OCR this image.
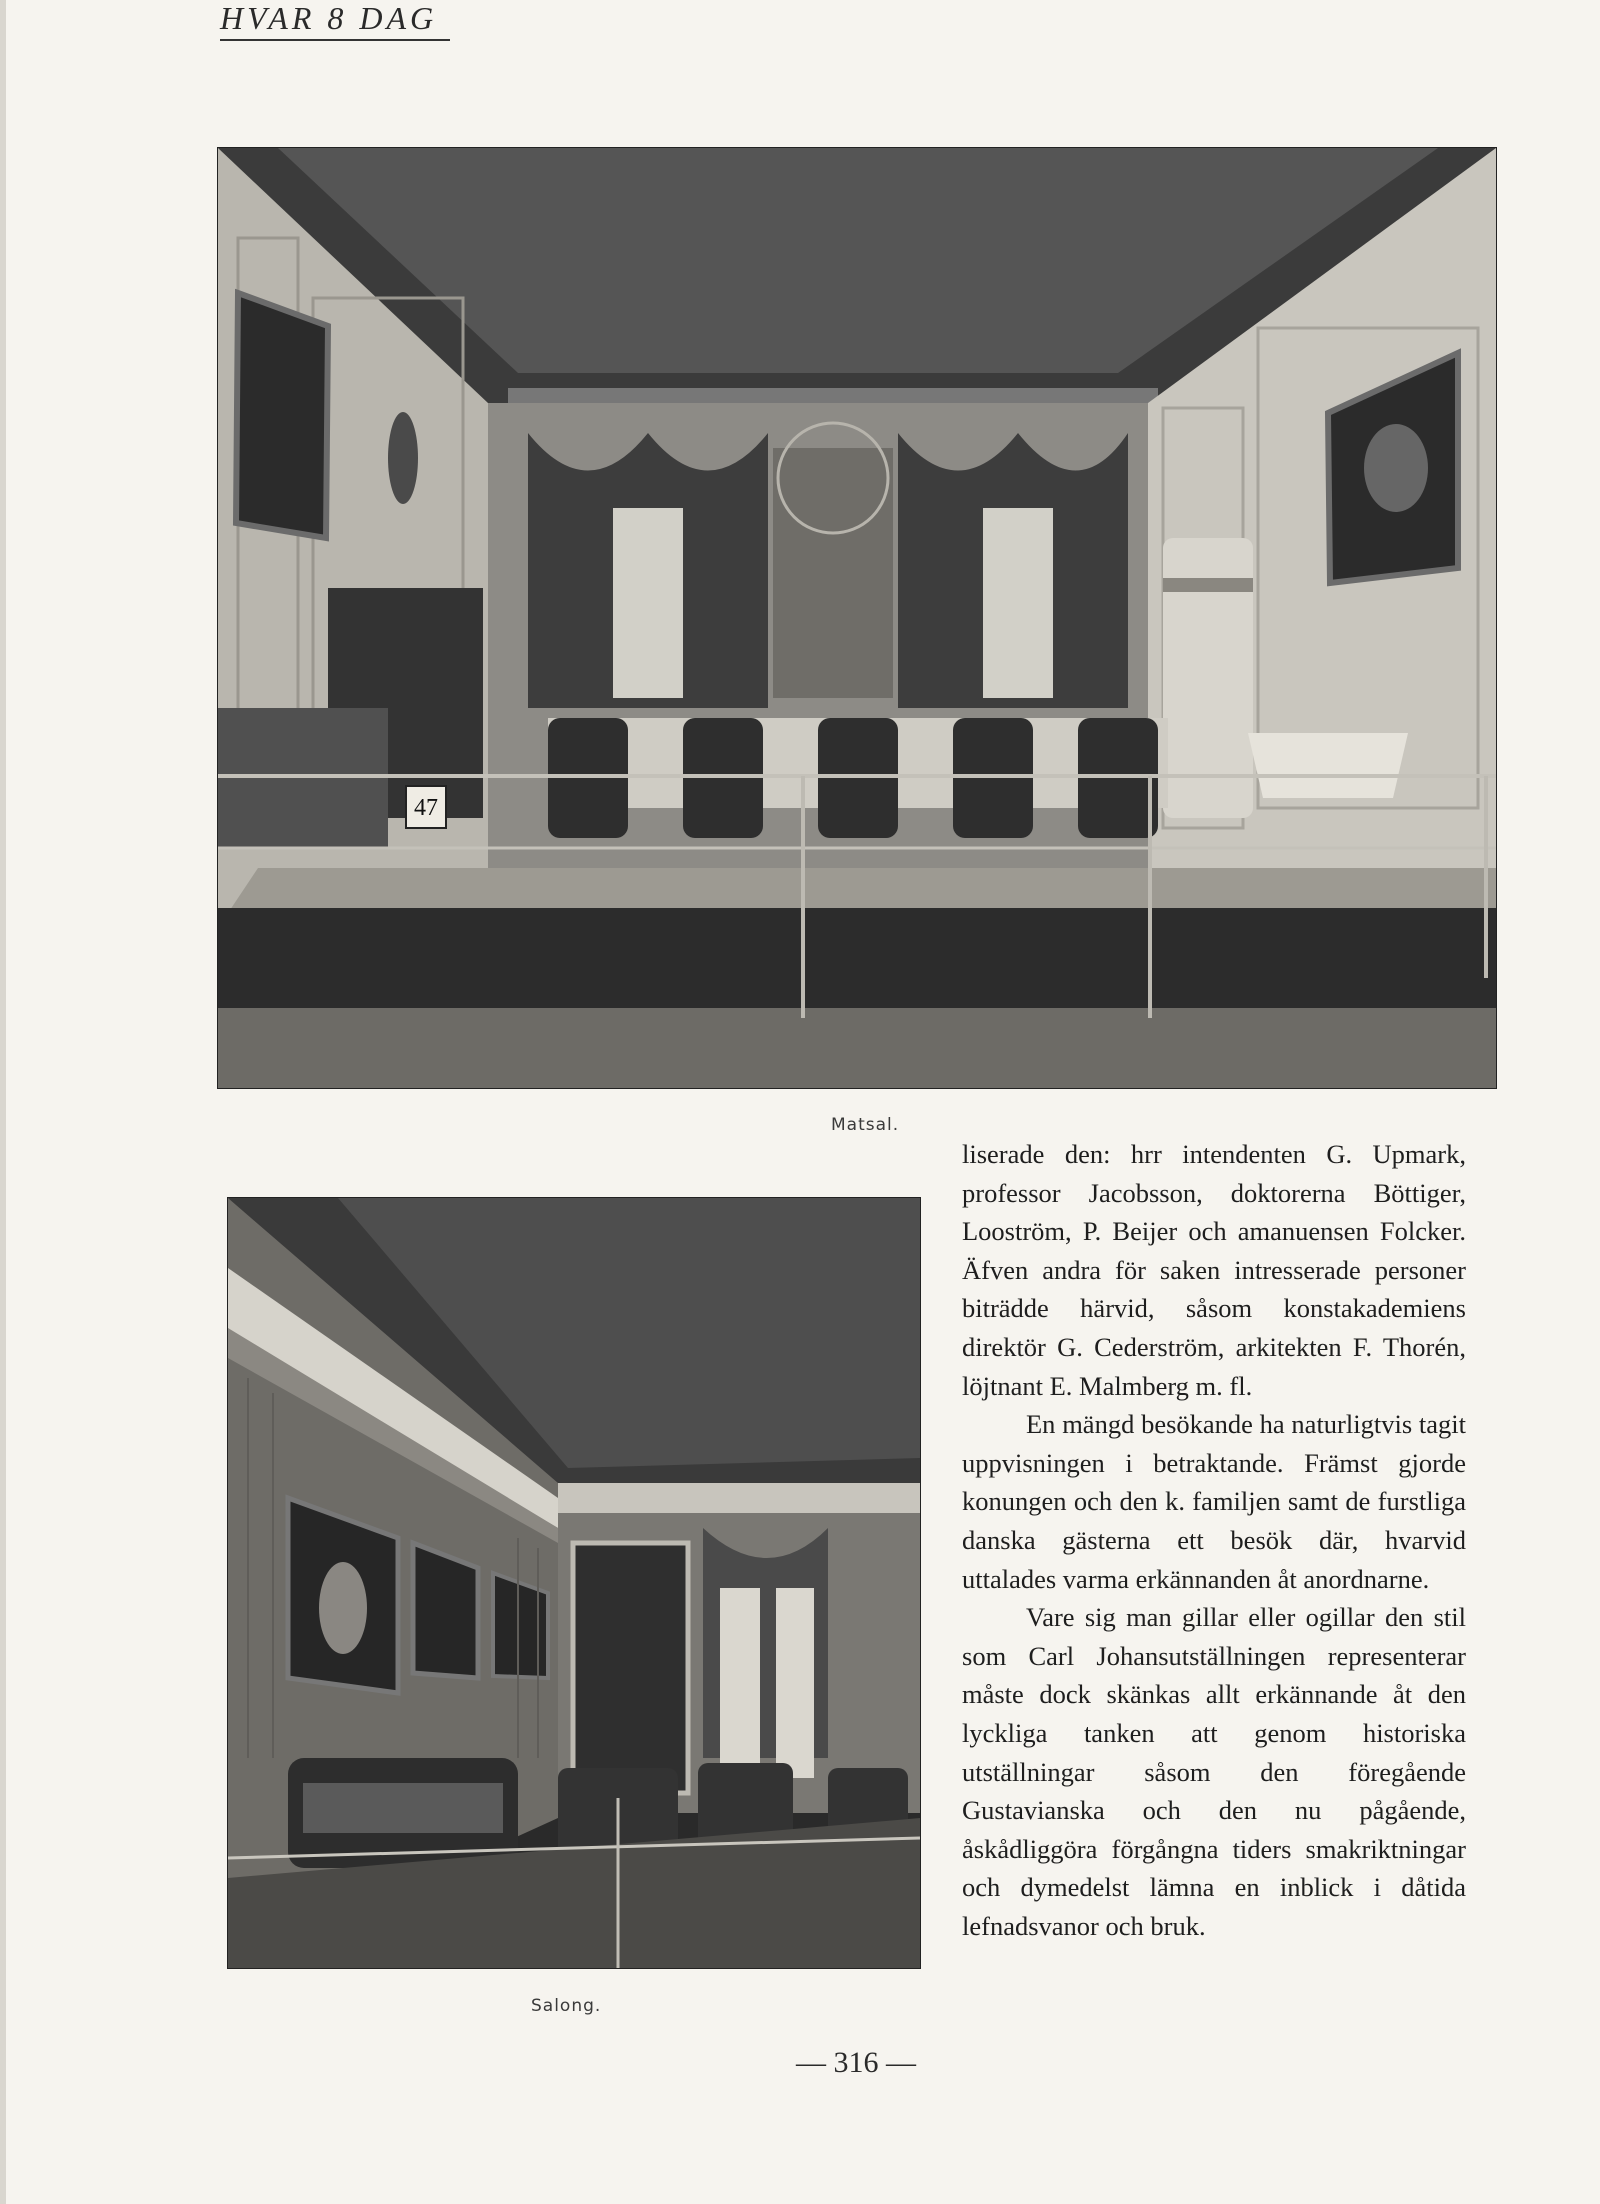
HVAR 8 DAG
47
Matsal.
Salong.

liserade den: hrr intendenten G. Upmark, professor Jacobsson, doktorerna Böttiger, Looström, P. Beijer och amanuensen Folcker. Äfven andra för saken intresserade personer biträdde härvid, såsom konstakademiens direktör G. Cederström, arkitekten F. Thorén, löjtnant E. Malmberg m. fl.

En mängd besökande ha naturligtvis tagit uppvisningen i betraktande. Främst gjorde konungen och den k. familjen samt de furstliga danska gästerna ett besök där, hvarvid uttalades varma erkännanden åt anordnarne.

Vare sig man gillar eller ogillar den stil som Carl Johansutställningen representerar måste dock skänkas allt erkännande åt den lyckliga tanken att genom historiska utställningar såsom den föregående Gustavianska och den nu pågående, åskådliggöra förgångna tiders smakriktningar och dymedelst lämna en inblick i dåtida lefnadsvanor och bruk.

— 316 —
